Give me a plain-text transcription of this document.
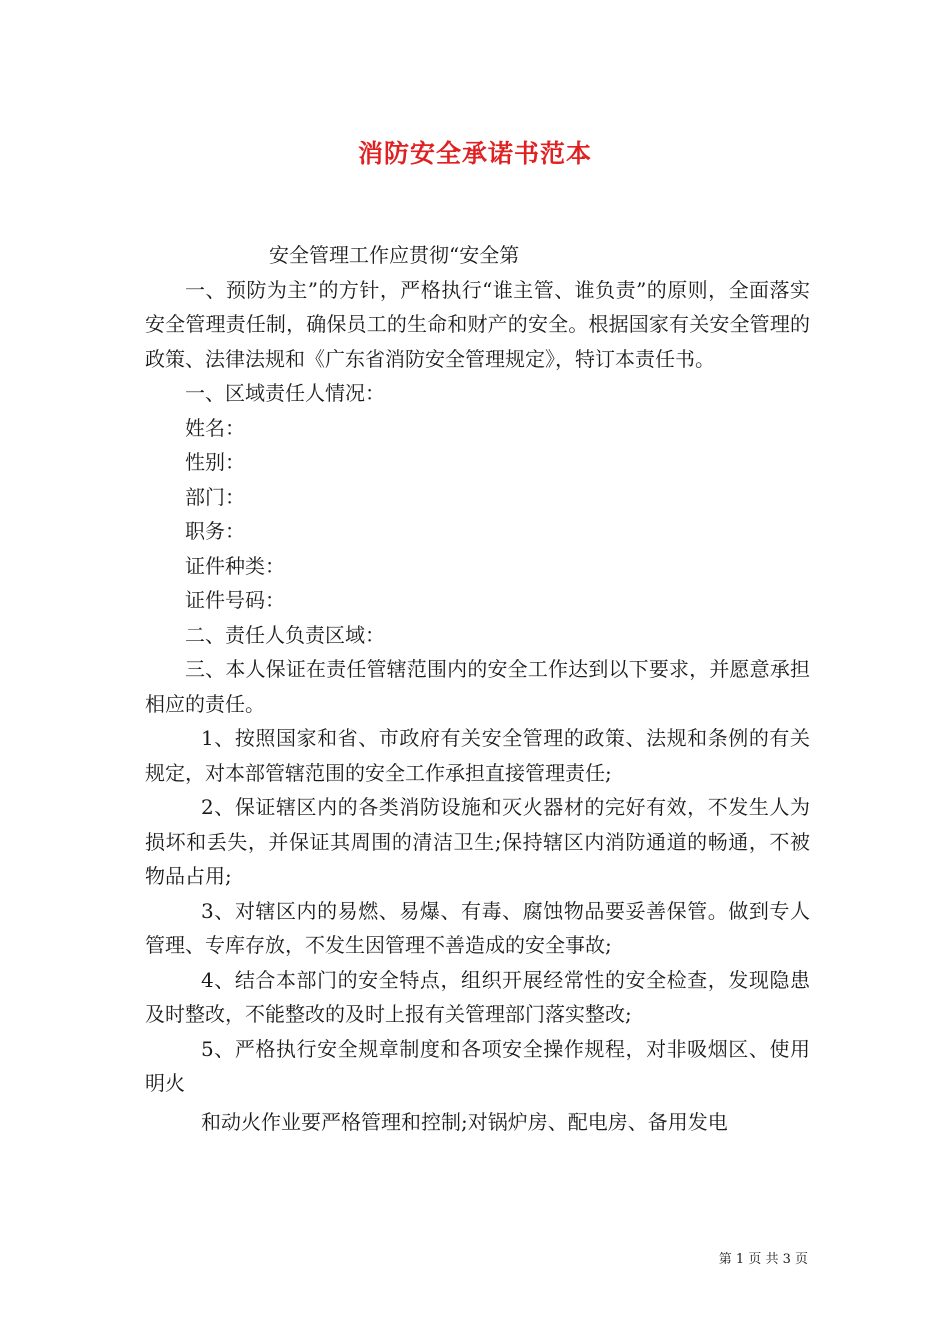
消防安全承诺书范本

安全管理工作应贯彻“安全第

一、预防为主”的方针，严格执行“谁主管、谁负责”的原则，全面落实安全管理责任制，确保员工的生命和财产的安全。根据国家有关安全管理的政策、法律法规和《广东省消防安全管理规定》，特订本责任书。

一、区域责任人情况：

姓名：

性别：

部门：

职务：

证件种类：

证件号码：

二、责任人负责区域：

三、本人保证在责任管辖范围内的安全工作达到以下要求，并愿意承担相应的责任。

1、按照国家和省、市政府有关安全管理的政策、法规和条例的有关规定，对本部管辖范围的安全工作承担直接管理责任;

2、保证辖区内的各类消防设施和灭火器材的完好有效，不发生人为损坏和丢失，并保证其周围的清洁卫生;保持辖区内消防通道的畅通，不被物品占用;

3、对辖区内的易燃、易爆、有毒、腐蚀物品要妥善保管。做到专人管理、专库存放，不发生因管理不善造成的安全事故;

4、结合本部门的安全特点，组织开展经常性的安全检查，发现隐患及时整改，不能整改的及时上报有关管理部门落实整改;

5、严格执行安全规章制度和各项安全操作规程，对非吸烟区、使用明火

和动火作业要严格管理和控制;对锅炉房、配电房、备用发电

第 1 页 共 3 页
